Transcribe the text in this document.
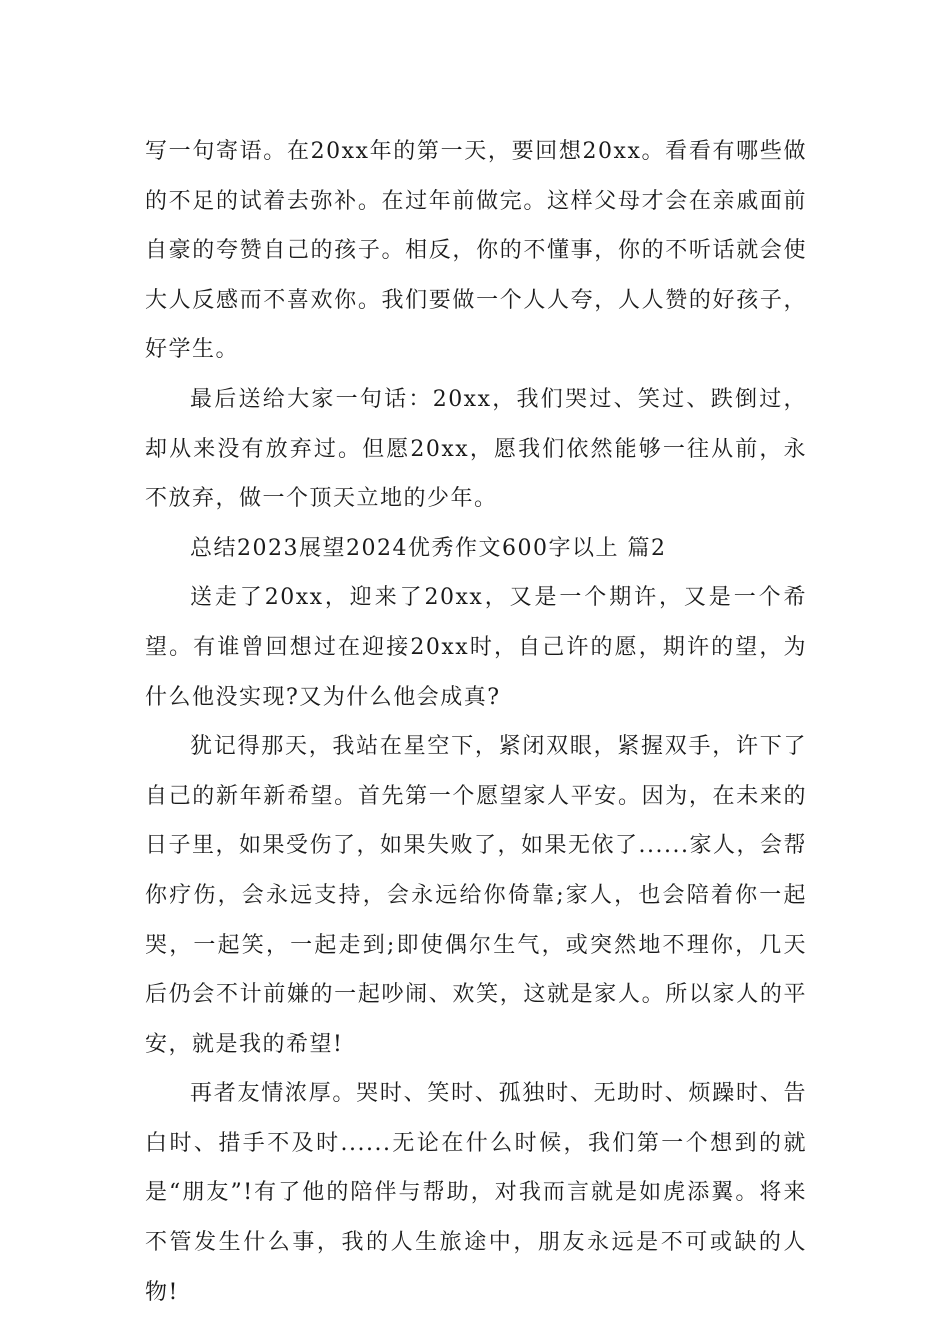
写一句寄语。在20xx年的第一天，要回想20xx。看看有哪些做的不足的试着去弥补。在过年前做完。这样父母才会在亲戚面前自豪的夸赞自己的孩子。相反，你的不懂事，你的不听话就会使大人反感而不喜欢你。我们要做一个人人夸，人人赞的好孩子，好学生。

最后送给大家一句话：20xx，我们哭过、笑过、跌倒过，却从来没有放弃过。但愿20xx，愿我们依然能够一往从前，永不放弃，做一个顶天立地的少年。

总结2023展望2024优秀作文600字以上 篇2

送走了20xx，迎来了20xx，又是一个期许，又是一个希望。有谁曾回想过在迎接20xx时，自己许的愿，期许的望，为什么他没实现?又为什么他会成真?

犹记得那天，我站在星空下，紧闭双眼，紧握双手，许下了自己的新年新希望。首先第一个愿望家人平安。因为，在未来的日子里，如果受伤了，如果失败了，如果无依了......家人，会帮你疗伤，会永远支持，会永远给你倚靠;家人，也会陪着你一起哭，一起笑，一起走到;即使偶尔生气，或突然地不理你，几天后仍会不计前嫌的一起吵闹、欢笑，这就是家人。所以家人的平安，就是我的希望!

再者友情浓厚。哭时、笑时、孤独时、无助时、烦躁时、告白时、措手不及时......无论在什么时候，我们第一个想到的就是“朋友”!有了他的陪伴与帮助，对我而言就是如虎添翼。将来不管发生什么事，我的人生旅途中，朋友永远是不可或缺的人物!
